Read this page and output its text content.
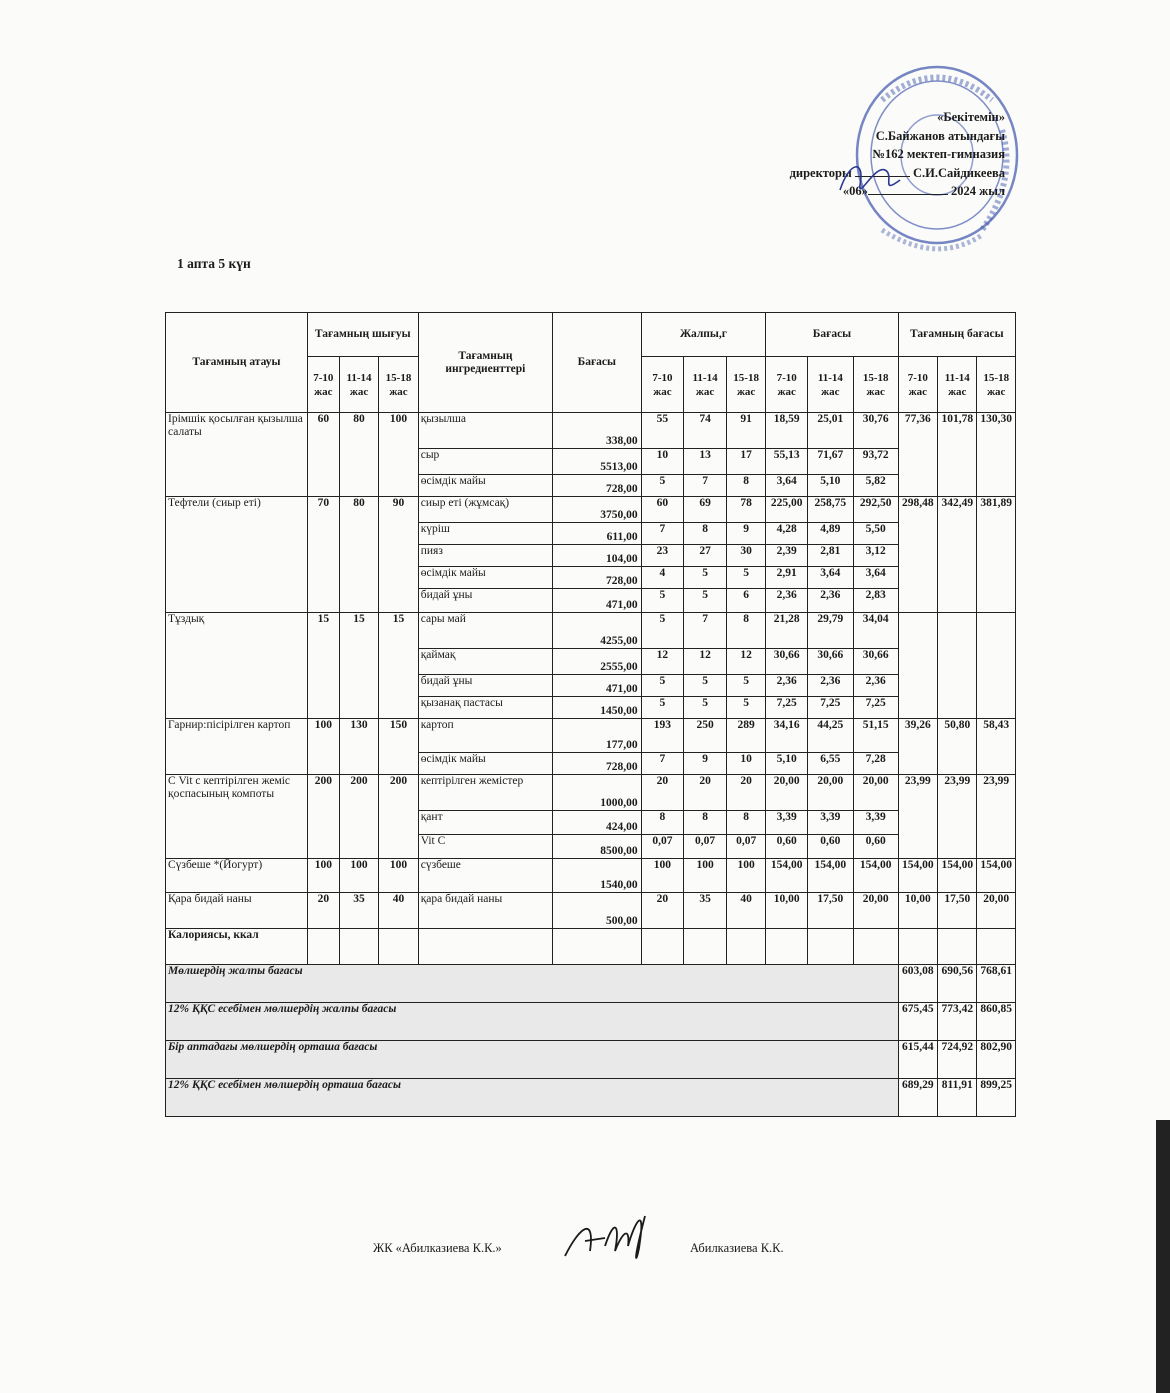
«Бекітемін»
С.Байжанов атындағы
№162 мектеп-гимназия
директоры	С.И.Сайдикеева
«06»	2024 жыл
1 апта 5 күн
Тағамның атауы	Тағамның шығуы			Тағамның ингредиенттері	Бағасы	Жалпы,г			Бағасы			Тағамның бағасы		
	7-10 жас	11-14 жас	15-18 жас			7-10 жас	11-14 жас	15-18 жас	7-10 жас	11-14 жас	15-18 жас	7-10 жас	11-14 жас	15-18 жас
Ірімшік қосылған қызылша салаты	60	80	100	қызылша	338,00	55	74	91	18,59	25,01	30,76	77,36	101,78	130,30
				сыр	5513,00	10	13	17	55,13	71,67	93,72			
				өсімдік майы	728,00	5	7	8	3,64	5,10	5,82			
Тефтели (сиыр еті)	70	80	90	сиыр еті (жұмсақ)	3750,00	60	69	78	225,00	258,75	292,50	298,48	342,49	381,89
				күріш	611,00	7	8	9	4,28	4,89	5,50			
				пияз	104,00	23	27	30	2,39	2,81	3,12			
				өсімдік майы	728,00	4	5	5	2,91	3,64	3,64			
				бидай ұны	471,00	5	5	6	2,36	2,36	2,83			
Тұздық	15	15	15	сары май	4255,00	5	7	8	21,28	29,79	34,04			
				қаймақ	2555,00	12	12	12	30,66	30,66	30,66			
				бидай ұны	471,00	5	5	5	2,36	2,36	2,36			
				қызанақ пастасы	1450,00	5	5	5	7,25	7,25	7,25			
Гарнир:пісірілген картоп	100	130	150	картоп	177,00	193	250	289	34,16	44,25	51,15	39,26	50,80	58,43
				өсімдік майы	728,00	7	9	10	5,10	6,55	7,28			
С Vit с кептірілген жеміс қоспасының компоты	200	200	200	кептірілген жемістер	1000,00	20	20	20	20,00	20,00	20,00	23,99	23,99	23,99
				қант	424,00	8	8	8	3,39	3,39	3,39			
				Vit C	8500,00	0,07	0,07	0,07	0,60	0,60	0,60			
Сүзбеше *(Йогурт)	100	100	100	сүзбеше	1540,00	100	100	100	154,00	154,00	154,00	154,00	154,00	154,00
Қара бидай наны	20	35	40	қара бидай наны	500,00	20	35	40	10,00	17,50	20,00	10,00	17,50	20,00
Калориясы, ккал														
Мөлшердің жалпы бағасы												603,08	690,56	768,61
12% ҚҚС есебімен мөлшердің жалпы бағасы												675,45	773,42	860,85
Бір аптадағы мөлшердің орташа бағасы												615,44	724,92	802,90
12% ҚҚС есебімен мөлшердің орташа бағасы												689,29	811,91	899,25
ЖК «Абилказиева К.К.»	Абилказиева К.К.
